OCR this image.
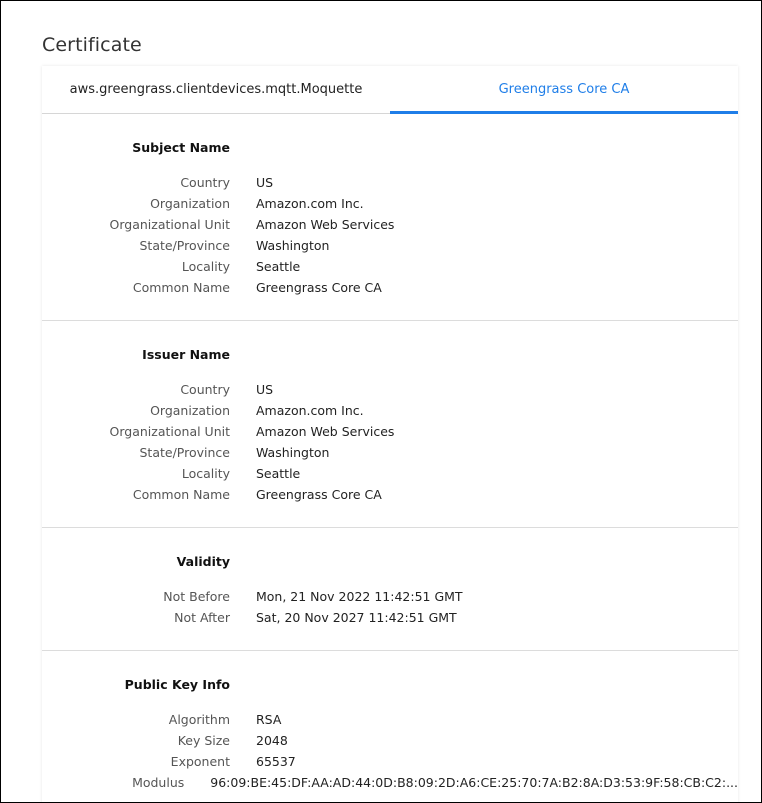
Certificate
aws.greengrass.clientdevices.mqtt.Moquette	Greengrass Core CA
Subject Name
Country US
Organization Amazon.com Inc.
Organizational Unit Amazon Web Services
State/Province Washington
Locality Seattle
Common Name Greengrass Core CA
Issuer Name
Country US
Organization Amazon.com Inc.
Organizational Unit Amazon Web Services
State/Province Washington
Locality Seattle
Common Name Greengrass Core CA
Validity
Not Before Mon, 21 Nov 2022 11:42:51 GMT
Not After Sat, 20 Nov 2027 11:42:51 GMT
Public Key Info
Algorithm RSA
Key Size 2048
Exponent 65537
Modulus 96:09:BE:45:DF:AA:AD:44:0D:B8:09:2D:A6:CE:25:70:7A:B2:8A:D3:53:9F:58:CB:C2:...
